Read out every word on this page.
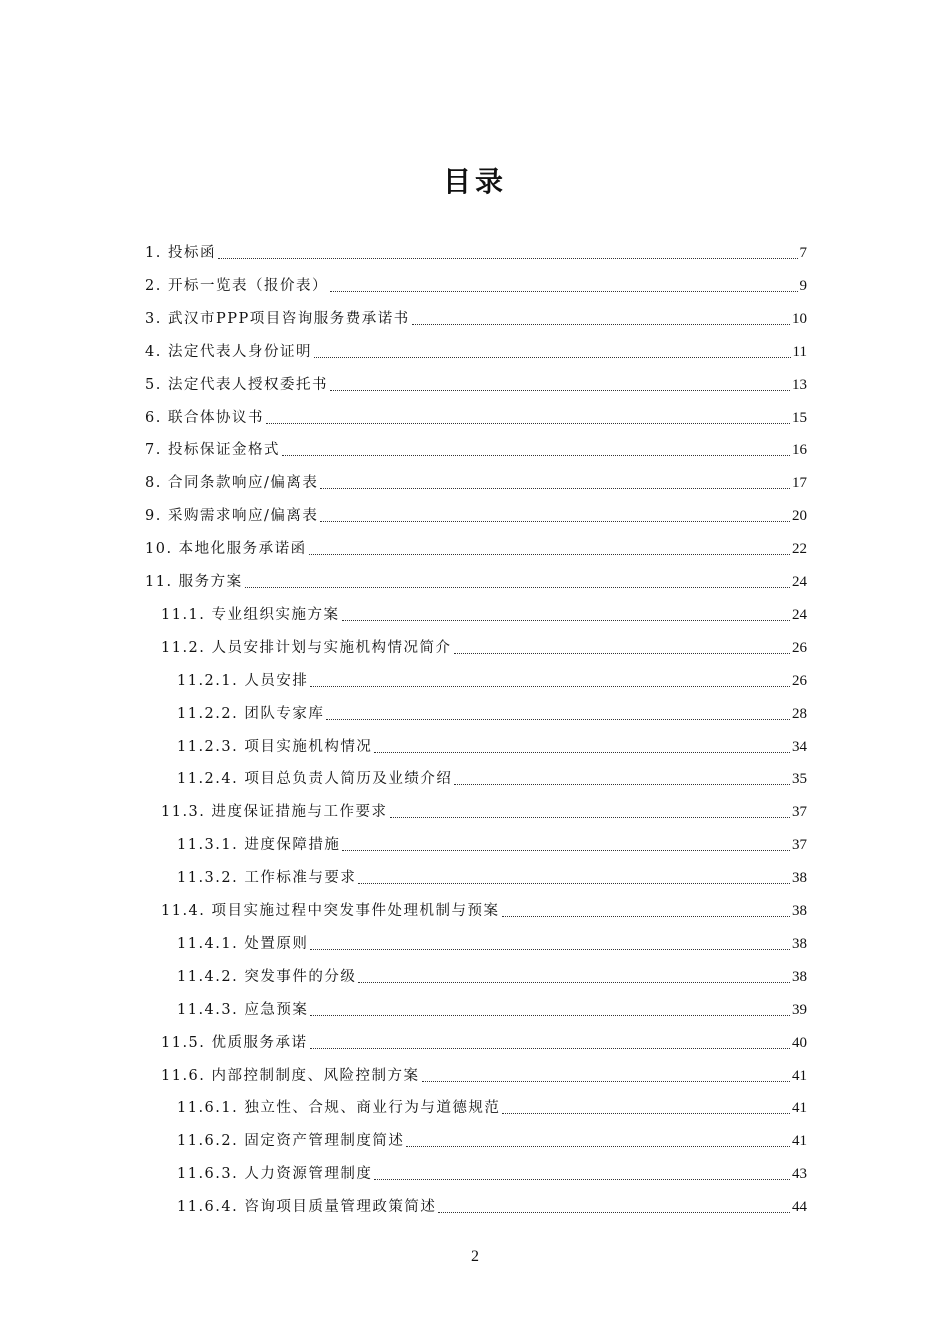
目录
1. 投标函	7
2. 开标一览表（报价表）	9
3. 武汉市PPP项目咨询服务费承诺书	10
4. 法定代表人身份证明	11
5. 法定代表人授权委托书	13
6. 联合体协议书	15
7. 投标保证金格式	16
8. 合同条款响应/偏离表	17
9. 采购需求响应/偏离表	20
10. 本地化服务承诺函	22
11. 服务方案	24
11.1. 专业组织实施方案	24
11.2. 人员安排计划与实施机构情况简介	26
11.2.1. 人员安排	26
11.2.2. 团队专家库	28
11.2.3. 项目实施机构情况	34
11.2.4. 项目总负责人简历及业绩介绍	35
11.3. 进度保证措施与工作要求	37
11.3.1. 进度保障措施	37
11.3.2. 工作标准与要求	38
11.4. 项目实施过程中突发事件处理机制与预案	38
11.4.1. 处置原则	38
11.4.2. 突发事件的分级	38
11.4.3. 应急预案	39
11.5. 优质服务承诺	40
11.6. 内部控制制度、风险控制方案	41
11.6.1. 独立性、合规、商业行为与道德规范	41
11.6.2. 固定资产管理制度简述	41
11.6.3. 人力资源管理制度	43
11.6.4. 咨询项目质量管理政策简述	44
2
